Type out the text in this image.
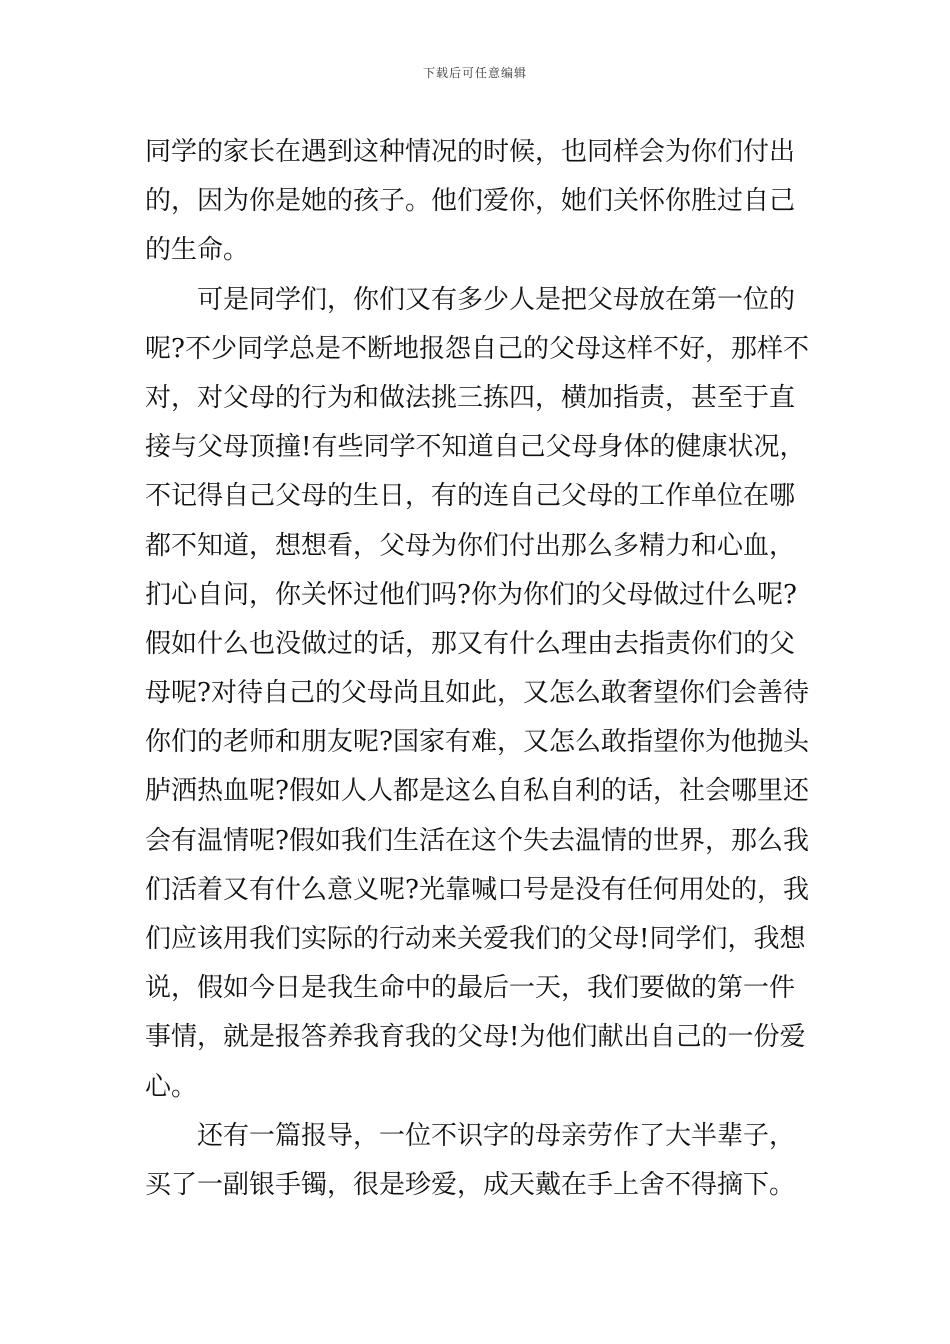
下载后可任意编辑
同学的家长在遇到这种情况的时候，也同样会为你们付出
的，因为你是她的孩子。他们爱你，她们关怀你胜过自己
的生命。
可是同学们，你们又有多少人是把父母放在第一位的
呢?不少同学总是不断地报怨自己的父母这样不好，那样不
对，对父母的行为和做法挑三拣四，横加指责，甚至于直
接与父母顶撞!有些同学不知道自己父母身体的健康状况，
不记得自己父母的生日，有的连自己父母的工作单位在哪
都不知道，想想看，父母为你们付出那么多精力和心血，
扪心自问，你关怀过他们吗?你为你们的父母做过什么呢?
假如什么也没做过的话，那又有什么理由去指责你们的父
母呢?对待自己的父母尚且如此，又怎么敢奢望你们会善待
你们的老师和朋友呢?国家有难，又怎么敢指望你为他抛头
胪洒热血呢?假如人人都是这么自私自利的话，社会哪里还
会有温情呢?假如我们生活在这个失去温情的世界，那么我
们活着又有什么意义呢?光靠喊口号是没有任何用处的，我
们应该用我们实际的行动来关爱我们的父母!同学们，我想
说，假如今日是我生命中的最后一天，我们要做的第一件
事情，就是报答养我育我的父母!为他们献出自己的一份爱
心。
还有一篇报导，一位不识字的母亲劳作了大半辈子，
买了一副银手镯，很是珍爱，成天戴在手上舍不得摘下。
